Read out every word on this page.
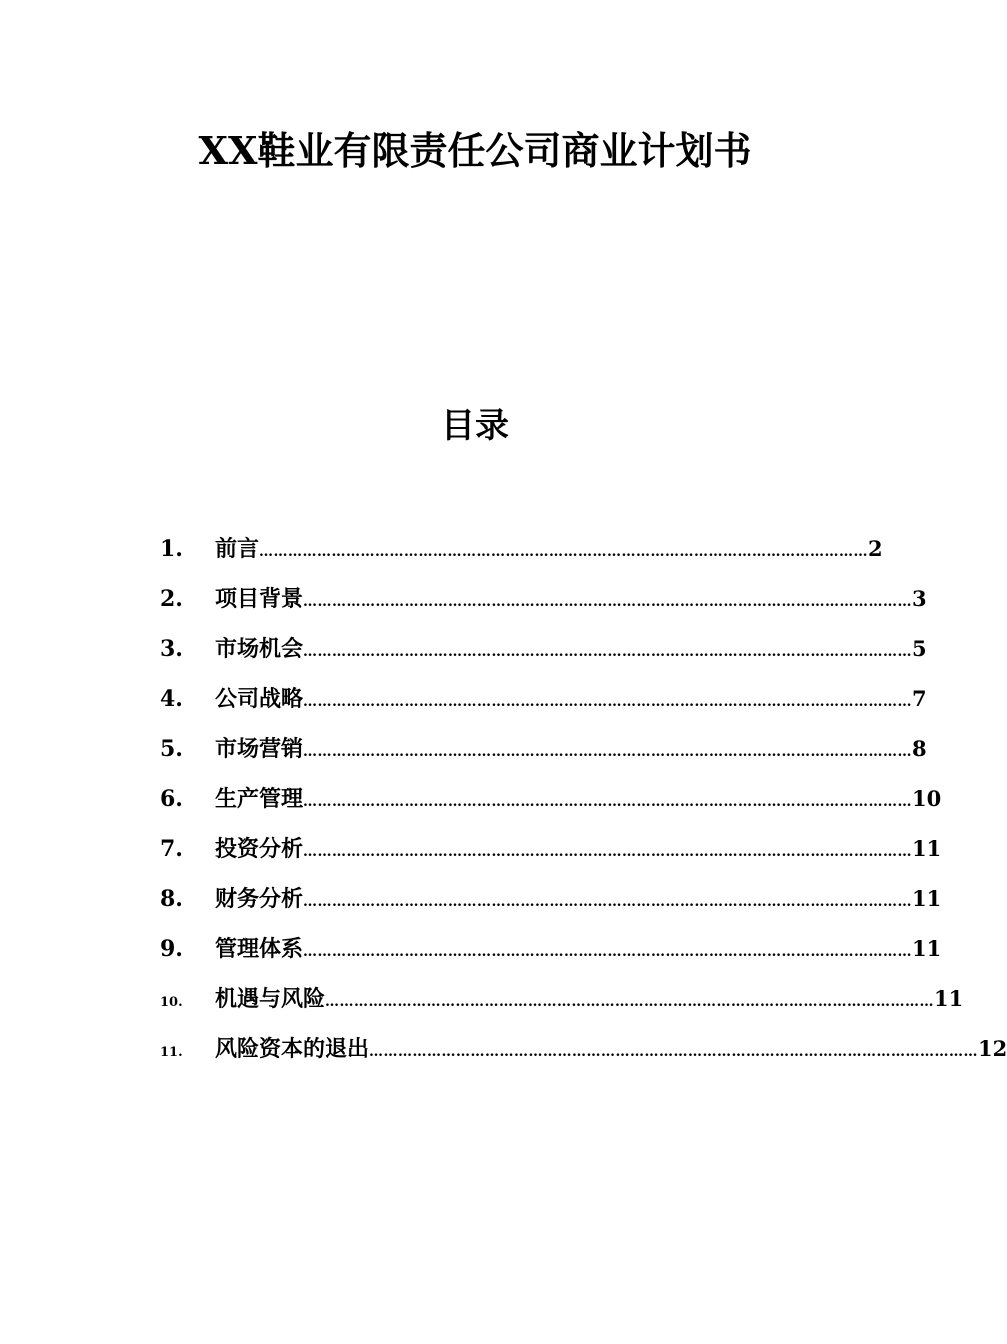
XX鞋业有限责任公司商业计划书
目录
1.	前言 ……………………………………………………………………………………………………………… 2
2.	项目背景 ……………………………………………………………………………………………………………… 3
3.	市场机会 ……………………………………………………………………………………………………………… 5
4.	公司战略 ……………………………………………………………………………………………………………… 7
5.	市场营销 ……………………………………………………………………………………………………………… 8
6.	生产管理 ……………………………………………………………………………………………………………… 10
7.	投资分析 ……………………………………………………………………………………………………………… 11
8.	财务分析 ……………………………………………………………………………………………………………… 11
9.	管理体系 ……………………………………………………………………………………………………………… 11
10.	机遇与风险 ……………………………………………………………………………………………………………… 11
11.	风险资本的退出 ……………………………………………………………………………………………………………… 12
